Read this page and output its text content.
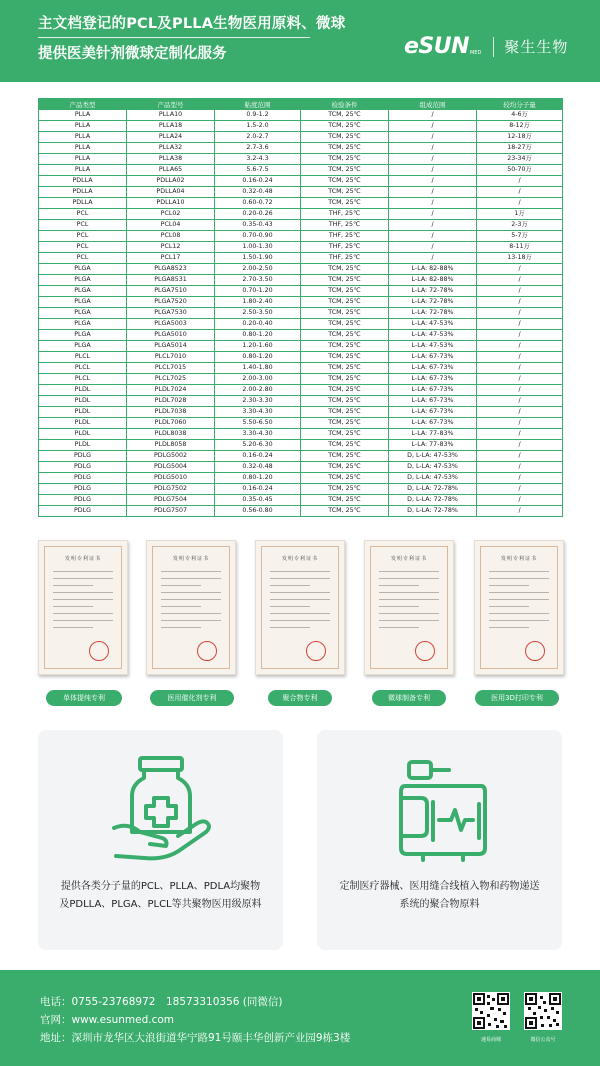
主文档登记的PCL及PLLA生物医用原料、微球
提供医美针剂微球定制化服务	eSUN MED 聚生生物
产品类型	产品型号	粘度范围	检验条件	组成范围	较均分子量
PLLA	PLLA10	0.9-1.2	TCM, 25℃	/	4-6万
PLLA	PLLA18	1.5-2.0	TCM, 25℃	/	8-12万
PLLA	PLLA24	2.0-2.7	TCM, 25℃	/	12-18万
PLLA	PLLA32	2.7-3.6	TCM, 25℃	/	18-27万
PLLA	PLLA38	3.2-4.3	TCM, 25℃	/	23-34万
PLLA	PLLA65	5.6-7.5	TCM, 25℃	/	50-70万
PDLLA	PDLLA02	0.16-0.24	TCM, 25℃	/	/
PDLLA	PDLLA04	0.32-0.48	TCM, 25℃	/	/
PDLLA	PDLLA10	0.60-0.72	TCM, 25℃	/	/
PCL	PCL02	0.20-0.26	THF, 25℃	/	1万
PCL	PCL04	0.35-0.43	THF, 25℃	/	2-3万
PCL	PCL08	0.70-0.90	THF, 25℃	/	5-7万
PCL	PCL12	1.00-1.30	THF, 25℃	/	8-11万
PCL	PCL17	1.50-1.90	THF, 25℃	/	13-18万
PLGA	PLGA8523	2.00-2.50	TCM, 25℃	L-LA: 82-88%	/
PLGA	PLGA8531	2.70-3.50	TCM, 25℃	L-LA: 82-88%	/
PLGA	PLGA7510	0.70-1.20	TCM, 25℃	L-LA: 72-78%	/
PLGA	PLGA7520	1.80-2.40	TCM, 25℃	L-LA: 72-78%	/
PLGA	PLGA7530	2.50-3.50	TCM, 25℃	L-LA: 72-78%	/
PLGA	PLGA5003	0.20-0.40	TCM, 25℃	L-LA: 47-53%	/
PLGA	PLGA5010	0.80-1.20	TCM, 25℃	L-LA: 47-53%	/
PLGA	PLGA5014	1.20-1.60	TCM, 25℃	L-LA: 47-53%	/
PLCL	PLCL7010	0.80-1.20	TCM, 25℃	L-LA: 67-73%	/
PLCL	PLCL7015	1.40-1.80	TCM, 25℃	L-LA: 67-73%	/
PLCL	PLCL7025	2.00-3.00	TCM, 25℃	L-LA: 67-73%	/
PLDL	PLDL7024	2.00-2.80	TCM, 25℃	L-LA: 67-73%	/
PLDL	PLDL7028	2.30-3.30	TCM, 25℃	L-LA: 67-73%	/
PLDL	PLDL7038	3.30-4.30	TCM, 25℃	L-LA: 67-73%	/
PLDL	PLDL7060	5.50-6.50	TCM, 25℃	L-LA: 67-73%	/
PLDL	PLDL8038	3.30-4.30	TCM, 25℃	L-LA: 77-83%	/
PLDL	PLDL8058	5.20-6.30	TCM, 25℃	L-LA: 77-83%	/
PDLG	PDLG5002	0.16-0.24	TCM, 25℃	D, L-LA: 47-53%	/
PDLG	PDLG5004	0.32-0.48	TCM, 25℃	D, L-LA: 47-53%	/
PDLG	PDLG5010	0.80-1.20	TCM, 25℃	D, L-LA: 47-53%	/
PDLG	PDLG7502	0.16-0.24	TCM, 25℃	D, L-LA: 72-78%	/
PDLG	PDLG7504	0.35-0.45	TCM, 25℃	D, L-LA: 72-78%	/
PDLG	PDLG7507	0.56-0.80	TCM, 25℃	D, L-LA: 72-78%	/
发明专利证书	发明专利证书	发明专利证书	发明专利证书	发明专利证书
单体提纯专利	医用催化剂专利	聚合物专利	微球制备专利	医用3D打印专利
提供各类分子量的PCL、PLLA、PDLA均聚物及PDLLA、PLGA、PLCL等共聚物医用级原料
定制医疗器械、医用缝合线植入物和药物递送系统的聚合物原料
电话：0755-23768972　18573310356 (同微信)
官网：www.esunmed.com
地址：深圳市龙华区大浪街道华宁路91号颐丰华创新产业园9栋3楼	速易商城	微信公众号
